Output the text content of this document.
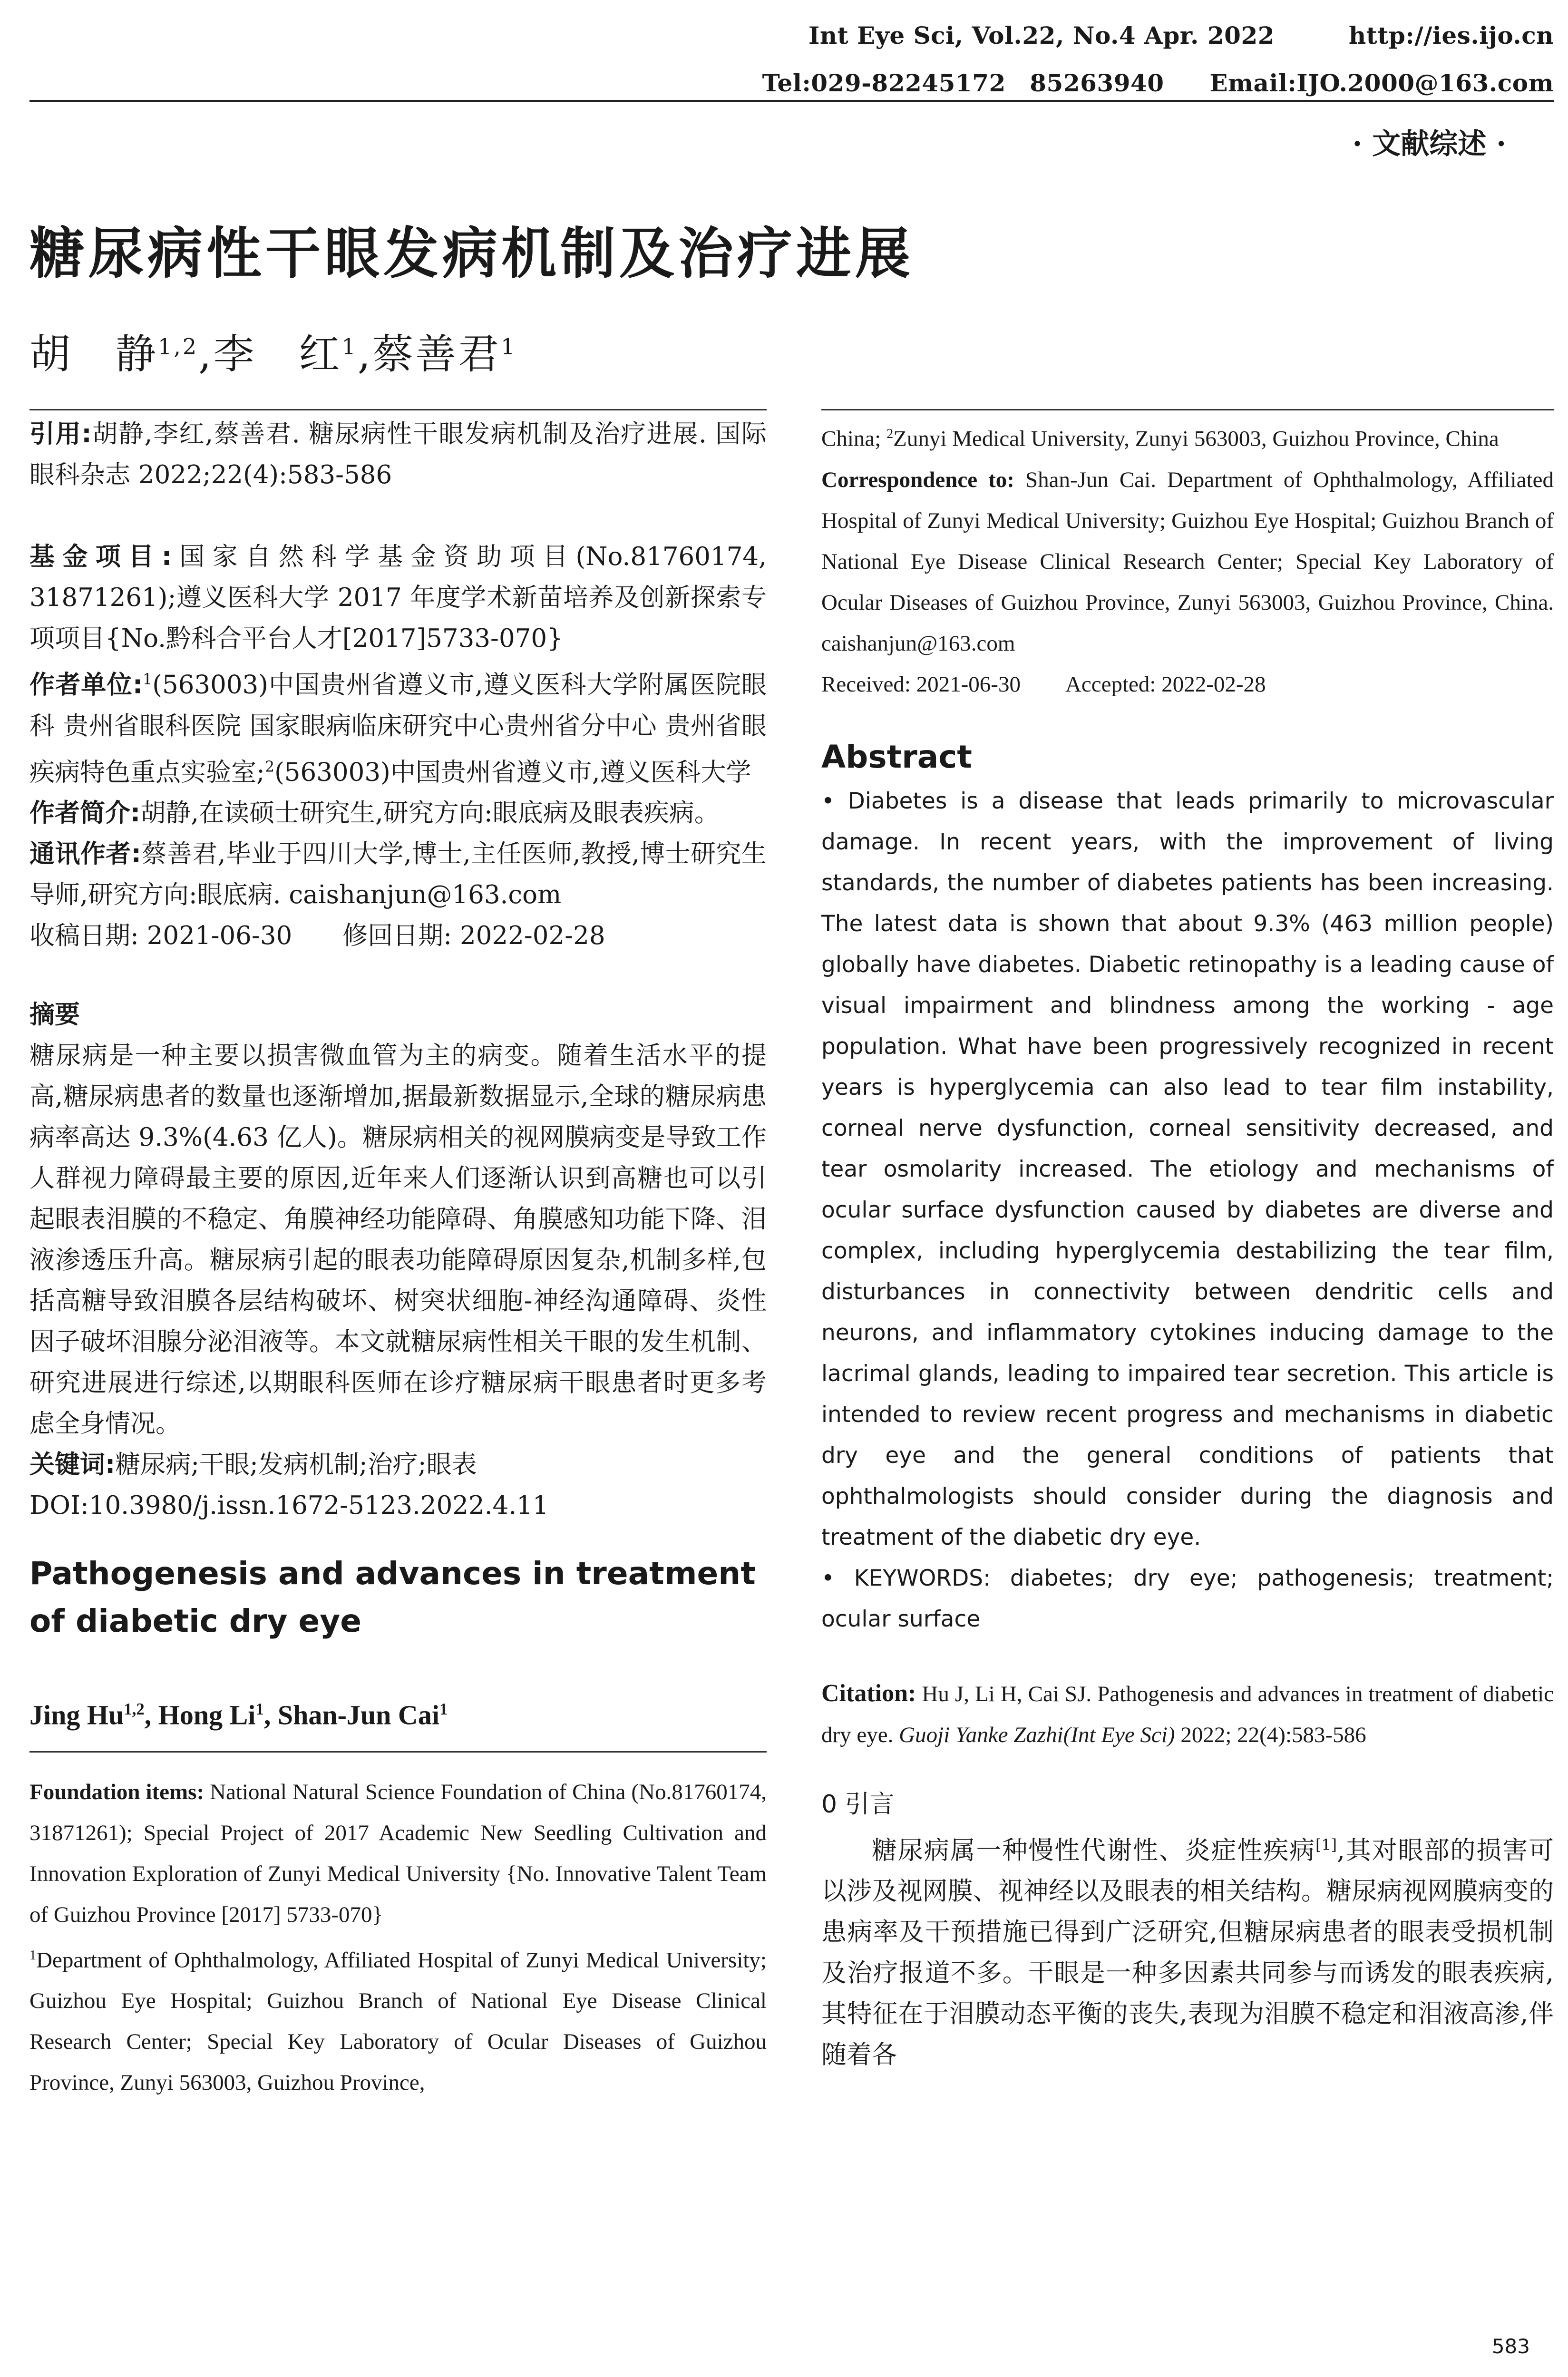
Int Eye Sci, Vol.22, No.4 Apr. 2022	http://ies.ijo.cn
Tel:029-82245172　85263940 Email:IJO.2000@163.com
· 文献综述 ·
糖尿病性干眼发病机制及治疗进展
胡　静$^{1,2}$,李　红$^1$,蔡善君$^1$

引用:胡静,李红,蔡善君. 糖尿病性干眼发病机制及治疗进展. 国际眼科杂志 2022;22(4):583-586

基金项目:国家自然科学基金资助项目(No.81760174, 31871261);遵义医科大学 2017 年度学术新苗培养及创新探索专项项目{No.黔科合平台人才[2017]5733-070}

作者单位:$^1$(563003)中国贵州省遵义市,遵义医科大学附属医院眼科 贵州省眼科医院 国家眼病临床研究中心贵州省分中心 贵州省眼疾病特色重点实验室;$^2$(563003)中国贵州省遵义市,遵义医科大学

作者简介:胡静,在读硕士研究生,研究方向:眼底病及眼表疾病。

通讯作者:蔡善君,毕业于四川大学,博士,主任医师,教授,博士研究生导师,研究方向:眼底病. caishanjun@163.com

收稿日期: 2021-06-30　　修回日期: 2022-02-28

摘要

糖尿病是一种主要以损害微血管为主的病变。随着生活水平的提高,糖尿病患者的数量也逐渐增加,据最新数据显示,全球的糖尿病患病率高达 9.3%(4.63 亿人)。糖尿病相关的视网膜病变是导致工作人群视力障碍最主要的原因,近年来人们逐渐认识到高糖也可以引起眼表泪膜的不稳定、角膜神经功能障碍、角膜感知功能下降、泪液渗透压升高。糖尿病引起的眼表功能障碍原因复杂,机制多样,包括高糖导致泪膜各层结构破坏、树突状细胞-神经沟通障碍、炎性因子破坏泪腺分泌泪液等。本文就糖尿病性相关干眼的发生机制、研究进展进行综述,以期眼科医师在诊疗糖尿病干眼患者时更多考虑全身情况。

关键词:糖尿病;干眼;发病机制;治疗;眼表

DOI:10.3980/j.issn.1672-5123.2022.4.11

Pathogenesis and advances in treatment of diabetic dry eye

Jing Hu$^{1,2}$, Hong Li$^1$, Shan-Jun Cai$^1$

Foundation items: National Natural Science Foundation of China (No.81760174, 31871261); Special Project of 2017 Academic New Seedling Cultivation and Innovation Exploration of Zunyi Medical University {No. Innovative Talent Team of Guizhou Province [2017] 5733-070}

$^1$Department of Ophthalmology, Affiliated Hospital of Zunyi Medical University; Guizhou Eye Hospital; Guizhou Branch of National Eye Disease Clinical Research Center; Special Key Laboratory of Ocular Diseases of Guizhou Province, Zunyi 563003, Guizhou Province,

China; $^2$Zunyi Medical University, Zunyi 563003, Guizhou Province, China

Correspondence to: Shan-Jun Cai. Department of Ophthalmology, Affiliated Hospital of Zunyi Medical University; Guizhou Eye Hospital; Guizhou Branch of National Eye Disease Clinical Research Center; Special Key Laboratory of Ocular Diseases of Guizhou Province, Zunyi 563003, Guizhou Province, China. caishanjun@163.com

Received: 2021-06-30　　Accepted: 2022-02-28

Abstract

• Diabetes is a disease that leads primarily to microvascular damage. In recent years, with the improvement of living standards, the number of diabetes patients has been increasing. The latest data is shown that about 9.3% (463 million people) globally have diabetes. Diabetic retinopathy is a leading cause of visual impairment and blindness among the working - age population. What have been progressively recognized in recent years is hyperglycemia can also lead to tear film instability, corneal nerve dysfunction, corneal sensitivity decreased, and tear osmolarity increased. The etiology and mechanisms of ocular surface dysfunction caused by diabetes are diverse and complex, including hyperglycemia destabilizing the tear film, disturbances in connectivity between dendritic cells and neurons, and inflammatory cytokines inducing damage to the lacrimal glands, leading to impaired tear secretion. This article is intended to review recent progress and mechanisms in diabetic dry eye and the general conditions of patients that ophthalmologists should consider during the diagnosis and treatment of the diabetic dry eye.

• KEYWORDS: diabetes; dry eye; pathogenesis; treatment; ocular surface

Citation: Hu J, Li H, Cai SJ. Pathogenesis and advances in treatment of diabetic dry eye. Guoji Yanke Zazhi(Int Eye Sci) 2022; 22(4):583-586

0 引言

糖尿病属一种慢性代谢性、炎症性疾病[1],其对眼部的损害可以涉及视网膜、视神经以及眼表的相关结构。糖尿病视网膜病变的患病率及干预措施已得到广泛研究,但糖尿病患者的眼表受损机制及治疗报道不多。干眼是一种多因素共同参与而诱发的眼表疾病,其特征在于泪膜动态平衡的丧失,表现为泪膜不稳定和泪液高渗,伴随着各

583
